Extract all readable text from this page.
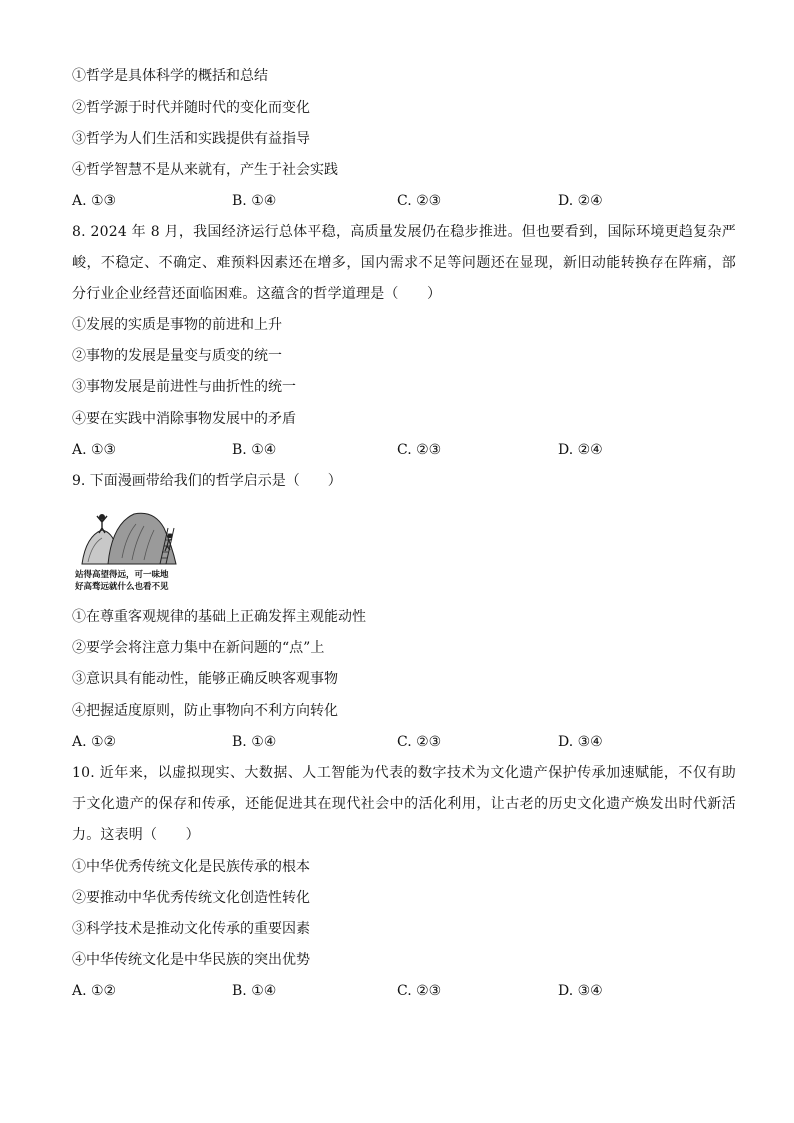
①哲学是具体科学的概括和总结
②哲学源于时代并随时代的变化而变化
③哲学为人们生活和实践提供有益指导
④哲学智慧不是从来就有，产生于社会实践
A. ①③	B. ①④	C. ②③	D. ②④
8. 2024 年 8 月，我国经济运行总体平稳，高质量发展仍在稳步推进。但也要看到，国际环境更趋复杂严峻，不稳定、不确定、难预料因素还在增多，国内需求不足等问题还在显现，新旧动能转换存在阵痛，部分行业企业经营还面临困难。这蕴含的哲学道理是（　　）
①发展的实质是事物的前进和上升
②事物的发展是量变与质变的统一
③事物发展是前进性与曲折性的统一
④要在实践中消除事物发展中的矛盾
A. ①③	B. ①④	C. ②③	D. ②④
9. 下面漫画带给我们的哲学启示是（　　）
站得高望得远，可一味地
好高骛远就什么也看不见
①在尊重客观规律的基础上正确发挥主观能动性
②要学会将注意力集中在新问题的“点”上
③意识具有能动性，能够正确反映客观事物
④把握适度原则，防止事物向不利方向转化
A. ①②	B. ①④	C. ②③	D. ③④
10. 近年来，以虚拟现实、大数据、人工智能为代表的数字技术为文化遗产保护传承加速赋能，不仅有助于文化遗产的保存和传承，还能促进其在现代社会中的活化利用，让古老的历史文化遗产焕发出时代新活力。这表明（　　）
①中华优秀传统文化是民族传承的根本
②要推动中华优秀传统文化创造性转化
③科学技术是推动文化传承的重要因素
④中华传统文化是中华民族的突出优势
A. ①②	B. ①④	C. ②③	D. ③④
